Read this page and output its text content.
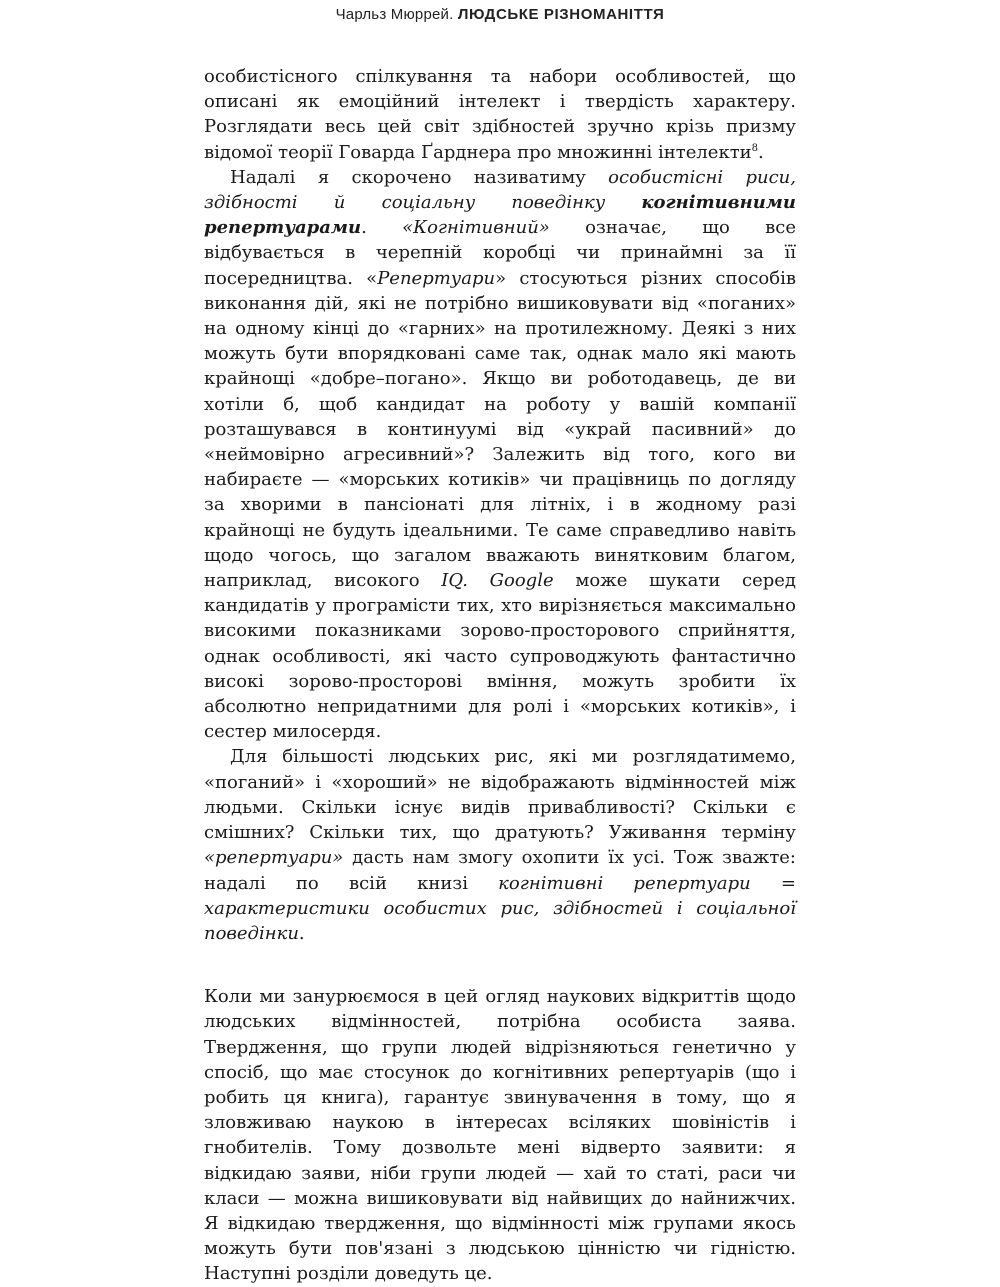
Чарльз Мюррей. ЛЮДСЬКЕ РІЗНОМАНІТТЯ

особистісного спілкування та набори особливостей, що описані як емоційний інтелект і твердість характеру. Розглядати весь цей світ здібностей зручно крізь призму відомої теорії Говарда Ґарднера про множинні інтелекти$^8$.

Надалі я скорочено називатиму особистісні риси, здібності й соціальну поведінку когнітивними репертуарами. «Когнітивний» означає, що все відбувається в черепній коробці чи принаймні за її посередництва. «Репертуари» стосуються різних способів виконання дій, які не потрібно вишиковувати від «поганих» на одному кінці до «гарних» на протилежному. Деякі з них можуть бути впорядковані саме так, однак мало які мають крайнощі «добре–погано». Якщо ви роботодавець, де ви хотіли б, щоб кандидат на роботу у вашій компанії розташувався в континуумі від «украй пасивний» до «неймовірно агресивний»? Залежить від того, кого ви набираєте — «морських котиків» чи працівниць по догляду за хворими в пансіонаті для літніх, і в жодному разі крайнощі не будуть ідеальними. Те саме справедливо навіть щодо чогось, що загалом вважають винятковим благом, наприклад, високого IQ. Google може шукати серед кандидатів у програмісти тих, хто вирізняється максимально високими показниками зорово-просторового сприйняття, однак особливості, які часто супроводжують фантастично високі зорово-просторові вміння, можуть зробити їх абсолютно непридатними для ролі і «морських котиків», і сестер милосердя.

Для більшості людських рис, які ми розглядатимемо, «поганий» і «хороший» не відображають відмінностей між людьми. Скільки існує видів привабливості? Скільки є смішних? Скільки тих, що дратують? Уживання терміну «репертуари» дасть нам змогу охопити їх усі. Тож зважте: надалі по всій книзі когнітивні репертуари = характеристики особистих рис, здібностей і соціальної поведінки.

Коли ми занурюємося в цей огляд наукових відкриттів щодо людських відмінностей, потрібна особиста заява. Твердження, що групи людей відрізняються генетично у спосіб, що має стосунок до когнітивних репертуарів (що і робить ця книга), гарантує звинувачення в тому, що я зловживаю наукою в інтересах всіляких шовіністів і гнобителів. Тому дозвольте мені відверто заявити: я відкидаю заяви, ніби групи людей — хай то статі, раси чи класи — можна вишиковувати від найвищих до найнижчих. Я відкидаю твердження, що відмінності між групами якось можуть бути пов'язані з людською цінністю чи гідністю. Наступні розділи доведуть це.
